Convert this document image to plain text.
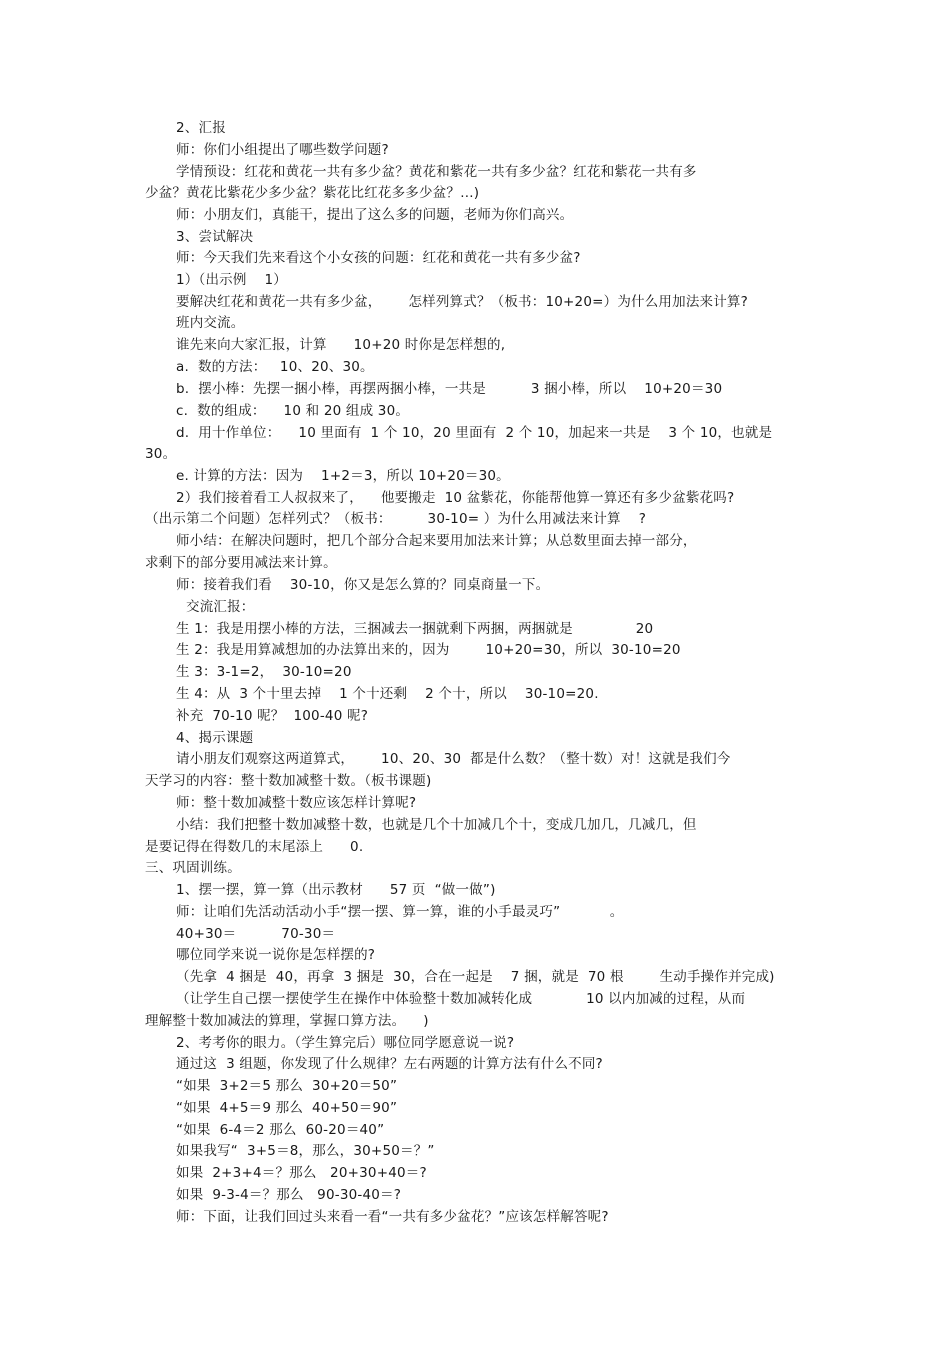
2、汇报
师：你们小组提出了哪些数学问题?
学情预设：红花和黄花一共有多少盆？黄花和紫花一共有多少盆？红花和紫花一共有多
少盆？黄花比紫花少多少盆？紫花比红花多多少盆？…)
师：小朋友们，真能干，提出了这么多的问题，老师为你们高兴。
3、尝试解决
师：今天我们先来看这个小女孩的问题：红花和黄花一共有多少盆?
1）（出示例    1）
要解决红花和黄花一共有多少盆，      怎样列算式？（板书：10+20=）为什么用加法来计算?
班内交流。
谁先来向大家汇报，计算      10+20 时你是怎样想的,
a.  数的方法：   10、20、30。
b.  摆小棒：先摆一捆小棒，再摆两捆小棒，一共是          3 捆小棒，所以    10+20＝30
c.  数的组成：    10 和 20 组成 30。
d.  用十作单位：    10 里面有  1 个 10，20 里面有  2 个 10，加起来一共是    3 个 10，也就是
30。
e. 计算的方法：因为    1+2＝3，所以 10+20＝30。
2）我们接着看工人叔叔来了，    他要搬走  10 盆紫花，你能帮他算一算还有多少盆紫花吗?
（出示第二个问题）怎样列式？（板书：        30-10= ）为什么用减法来计算    ?
师小结：在解决问题时，把几个部分合起来要用加法来计算；从总数里面去掉一部分，
求剩下的部分要用减法来计算。
师：接着我们看    30-10，你又是怎么算的？同桌商量一下。
交流汇报：
生 1：我是用摆小棒的方法，三捆减去一捆就剩下两捆，两捆就是              20
生 2：我是用算减想加的办法算出来的，因为        10+20=30，所以  30-10=20
生 3：3-1=2，  30-10=20
生 4：从  3 个十里去掉    1 个十还剩    2 个十，所以    30-10=20.
补充  70-10 呢？  100-40 呢?
4、揭示课题
请小朋友们观察这两道算式，      10、20、30  都是什么数？（整十数）对！这就是我们今
天学习的内容：整十数加减整十数。（板书课题)
师：整十数加减整十数应该怎样计算呢?
小结：我们把整十数加减整十数，也就是几个十加减几个十，变成几加几，几减几，但
是要记得在得数几的末尾添上      0.
三、巩固训练。
1、摆一摆，算一算（出示教材      57 页  “做一做”)
师：让咱们先活动活动小手“摆一摆、算一算，谁的小手最灵巧”           。
40+30＝          70-30＝
哪位同学来说一说你是怎样摆的?
（先拿  4 捆是  40，再拿  3 捆是  30，合在一起是    7 捆，就是  70 根        生动手操作并完成)
（让学生自己摆一摆使学生在操作中体验整十数加减转化成            10 以内加减的过程，从而
理解整十数加减法的算理，掌握口算方法。    )
2、考考你的眼力。（学生算完后）哪位同学愿意说一说?
通过这  3 组题，你发现了什么规律？左右两题的计算方法有什么不同?
“如果  3+2＝5 那么  30+20＝50”
“如果  4+5＝9 那么  40+50＝90”
“如果  6-4＝2 那么  60-20＝40”
如果我写“  3+5＝8，那么，30+50＝？”
如果  2+3+4＝？那么   20+30+40＝?
如果  9-3-4＝？那么   90-30-40＝?
师：下面，让我们回过头来看一看“一共有多少盆花？”应该怎样解答呢?
